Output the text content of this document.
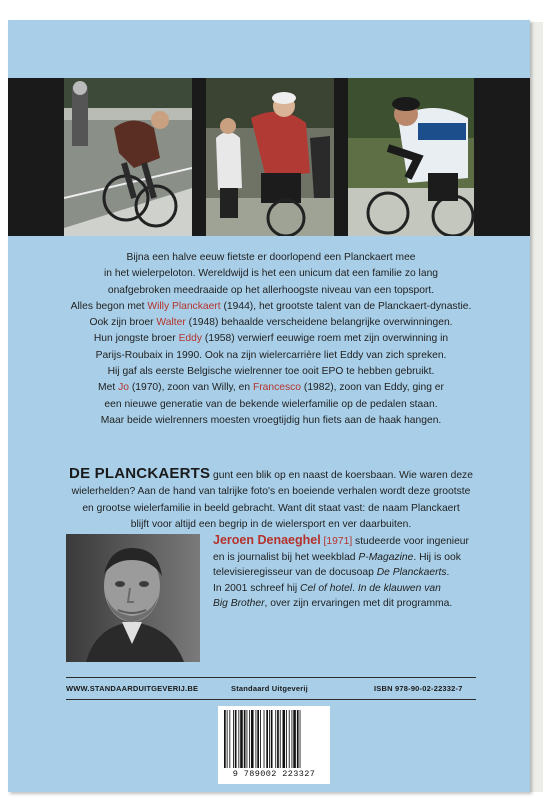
Bijna een halve eeuw fietste er doorlopend een Planckaert mee
in het wielerpeloton. Wereldwijd is het een unicum dat een familie zo lang
onafgebroken meedraaide op het allerhoogste niveau van een topsport.
Alles begon met Willy Planckaert (1944), het grootste talent van de Planckaert-dynastie.
Ook zijn broer Walter (1948) behaalde verscheidene belangrijke overwinningen.
Hun jongste broer Eddy (1958) verwierf eeuwige roem met zijn overwinning in
Parijs-Roubaix in 1990. Ook na zijn wielercarrière liet Eddy van zich spreken.
Hij gaf als eerste Belgische wielrenner toe ooit EPO te hebben gebruikt.
Met Jo (1970), zoon van Willy, en Francesco (1982), zoon van Eddy, ging er
een nieuwe generatie van de bekende wielerfamilie op de pedalen staan.
Maar beide wielrenners moesten vroegtijdig hun fiets aan de haak hangen.
DE PLANCKAERTS gunt een blik op en naast de koersbaan. Wie waren deze
wielerhelden? Aan de hand van talrijke foto's en boeiende verhalen wordt deze grootste
en grootse wielerfamilie in beeld gebracht. Want dit staat vast: de naam Planckaert
blijft voor altijd een begrip in de wielersport en ver daarbuiten.
Jeroen Denaeghel [1971] studeerde voor ingenieur
en is journalist bij het weekblad P-Magazine. Hij is ook
televisieregisseur van de docusoap De Planckaerts.
In 2001 schreef hij Cel of hotel. In de klauwen van
Big Brother, over zijn ervaringen met dit programma.
WWW.STANDAARDUITGEVERIJ.BE	Standaard Uitgeverij	ISBN 978-90-02-22332-7
9 789002 223327
